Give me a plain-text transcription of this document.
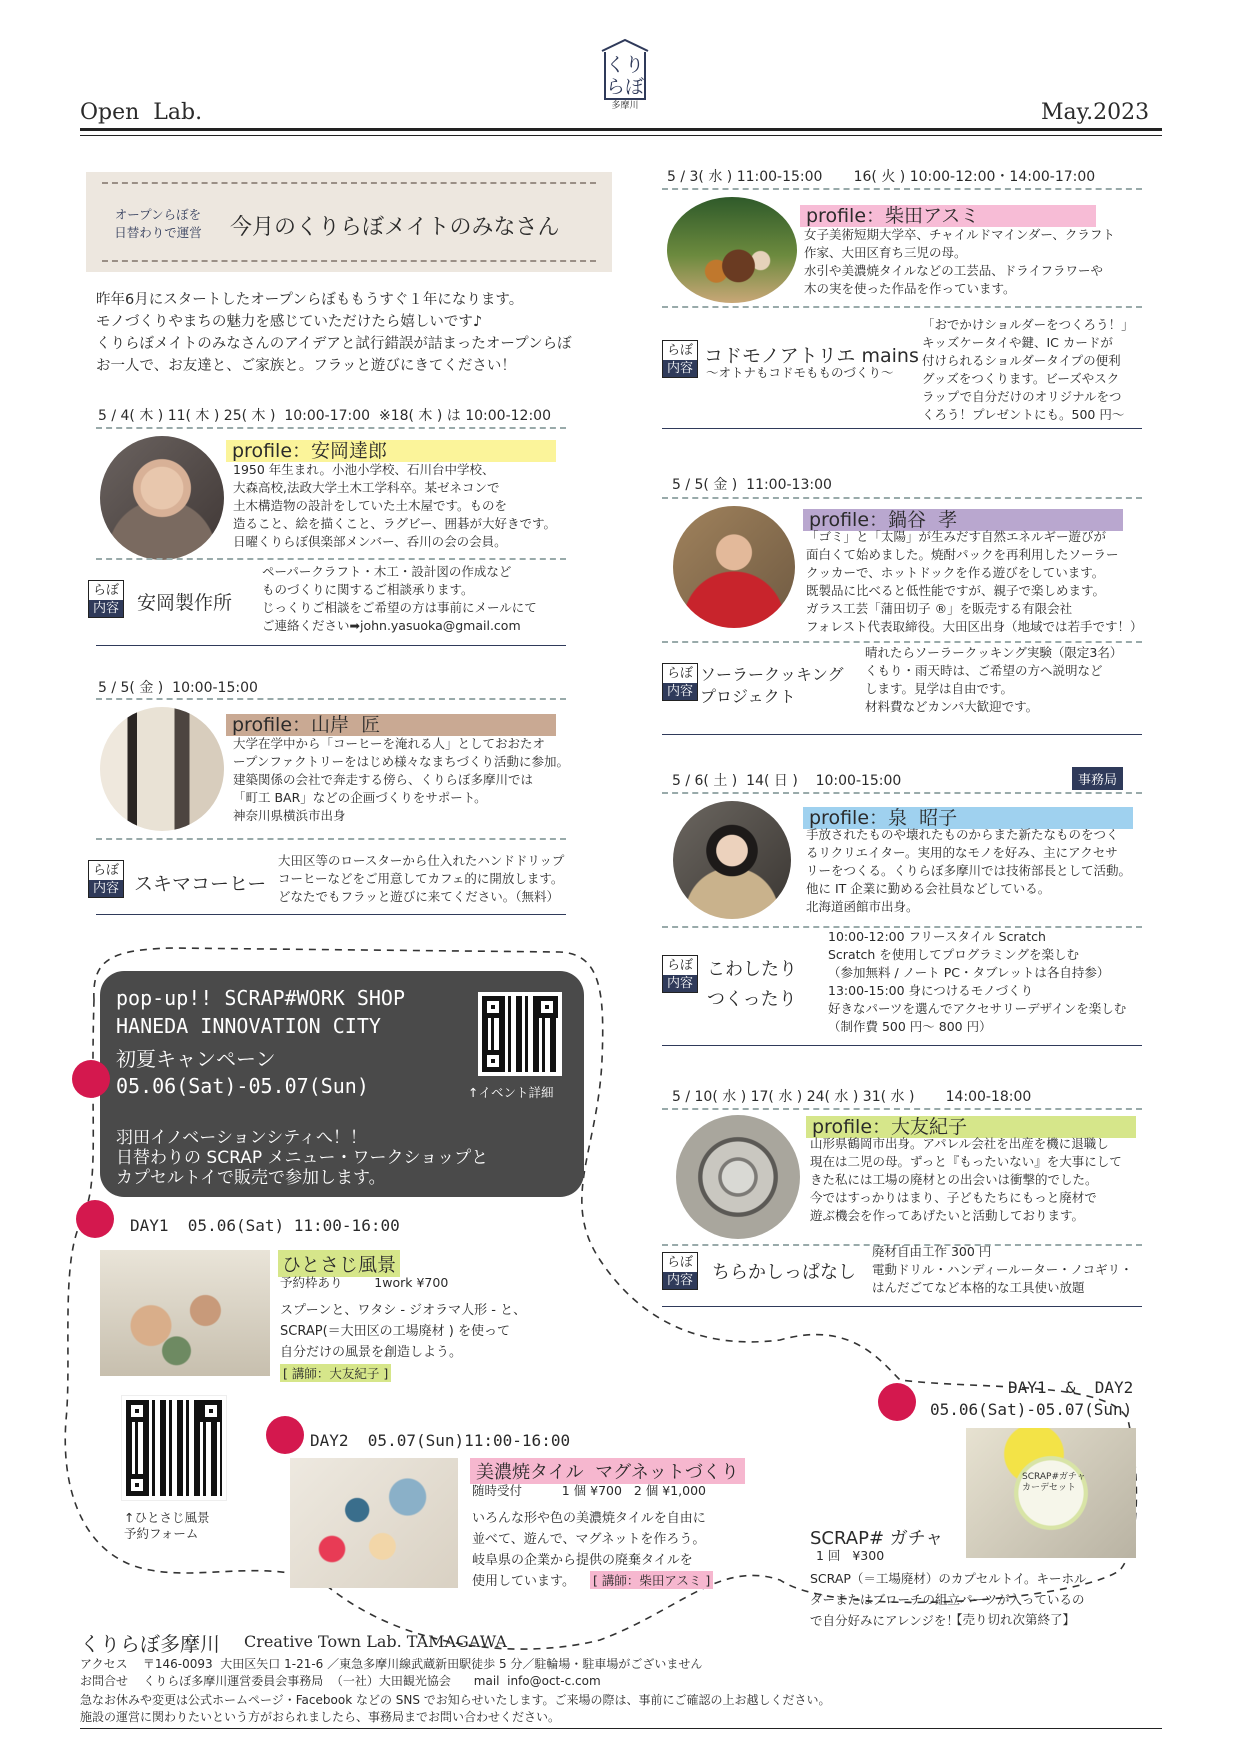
くり
らぼ
多摩川
Open  Lab.	May.2023
オープンらぼを
日替わりで運営 今月のくりらぼメイトのみなさん
昨年6月にスタートしたオープンらぼももうすぐ１年になります。
モノづくりやまちの魅力を感じていただけたら嬉しいです♪
くりらぼメイトのみなさんのアイデアと試行錯誤が詰まったオープンらぼ
お一人で、お友達と、ご家族と。フラッと遊びにきてください！
5 / 4( 木 ) 11( 木 ) 25( 木 )  10:00-17:00  ※18( 木 ) は 10:00-12:00
profile：安岡達郎
1950 年生まれ。小池小学校、石川台中学校、
大森高校,法政大学土木工学科卒。某ゼネコンで
土木構造物の設計をしていた土木屋です。ものを
造ること、絵を描くこと、ラグビー、囲碁が大好きです。
日曜くりらぼ倶楽部メンバー、呑川の会の会員。
らぼ
内容 安岡製作所
ペーパークラフト・木工・設計図の作成など
ものづくりに関するご相談承ります。
じっくりご相談をご希望の方は事前にメールにて
ご連絡ください➡john.yasuoka@gmail.com
5 / 5( 金 )  10:00-15:00
profile：山岸  匠
大学在学中から「コーヒーを淹れる人」としておおたオ
ープンファクトリーをはじめ様々なまちづくり活動に参加。
建築関係の会社で奔走する傍ら、くりらぼ多摩川では
「町工 BAR」などの企画づくりをサポート。
神奈川県横浜市出身
らぼ
内容 スキマコーヒー
大田区等のロースターから仕入れたハンドドリップ
コーヒーなどをご用意してカフェ的に開放します。
どなたでもフラッと遊びに来てください。（無料）
5 / 3( 水 ) 11:00-15:00       16( 火 ) 10:00-12:00・14:00-17:00
profile：柴田アスミ
女子美術短期大学卒、チャイルドマインダー、クラフト
作家、大田区育ち三児の母。
水引や美濃焼タイルなどの工芸品、ドライフラワーや
木の実を使った作品を作っています。
らぼ
内容
コドモノアトリエ mains
〜オトナもコドモもものづくり〜
「おでかけショルダーをつくろう！」
キッズケータイや鍵、IC カードが
付けられるショルダータイプの便利
グッズをつくります。ビーズやスク
ラップで自分だけのオリジナルをつ
くろう！プレゼントにも。500 円〜
5 / 5( 金 )  11:00-13:00
profile：鍋谷  孝
「ゴミ」と「太陽」が生みだす自然エネルギー遊びが
面白くて始めました。焼酎パックを再利用したソーラー
クッカーで、ホットドックを作る遊びをしています。
既製品に比べると低性能ですが、親子で楽しめます。
ガラス工芸「蒲田切子 ®」を販売する有限会社
フォレスト代表取締役。大田区出身（地域では若手です！）
らぼ
内容
ソーラークッキング
プロジェクト
晴れたらソーラークッキング実験（限定3名）
くもり・雨天時は、ご希望の方へ説明など
します。見学は自由です。
材料費などカンパ大歓迎です。
5 / 6( 土 )  14( 日 )    10:00-15:00	事務局
profile：泉  昭子
手放されたものや壊れたものからまた新たなものをつく
るリクリエイター。実用的なモノを好み、主にアクセサ
リーをつくる。くりらぼ多摩川では技術部長として活動。
他に IT 企業に勤める会社員などしている。
北海道函館市出身。
らぼ
内容
こわしたり
つくったり
10:00-12:00 フリースタイル Scratch
Scratch を使用してプログラミングを楽しむ
（参加無料 / ノート PC・タブレットは各自持参）
13:00-15:00 身につけるモノづくり
好きなパーツを選んでアクセサリーデザインを楽しむ
（制作費 500 円〜 800 円）
5 / 10( 水 ) 17( 水 ) 24( 水 ) 31( 水 )       14:00-18:00
profile：大友紀子
山形県鶴岡市出身。アパレル会社を出産を機に退職し
現在は二児の母。ずっと『もったいない』を大事にして
きた私には工場の廃材との出会いは衝撃的でした。
今ではすっかりはまり、子どもたちにもっと廃材で
遊ぶ機会を作ってあげたいと活動しております。
らぼ
内容 ちらかしっぱなし
廃材自由工作 300 円
電動ドリル・ハンディールーター・ノコギリ・
はんだごてなど本格的な工具使い放題
pop-up!! SCRAP#WORK SHOP
HANEDA INNOVATION CITY
初夏キャンペーン
05.06(Sat)-05.07(Sun)	↑イベント詳細
羽田イノベーションシティへ！！
日替わりの SCRAP メニュー・ワークショップと
カプセルトイで販売で参加します。
DAY1  05.06(Sat) 11:00-16:00
ひとさじ風景
予約枠あり        1work ¥700
スプーンと、ワタシ - ジオラマ人形 - と、
SCRAP(＝大田区の工場廃材 ) を使って
自分だけの風景を創造しよう。
[ 講師：大友紀子 ]
↑ひとさじ風景
予約フォーム
DAY2  05.07(Sun)11:00-16:00
美濃焼タイル  マグネットづくり
随時受付          1 個 ¥700   2 個 ¥1,000
いろんな形や色の美濃焼タイルを自由に
並べて、遊んで、マグネットを作ろう。
岐阜県の企業から提供の廃棄タイルを
使用しています。	[ 講師：柴田アスミ ]
DAY1  &  DAY2
05.06(Sat)-05.07(Sun)
SCRAP#ガチャ
カーデセット
SCRAP# ガチャ
1 回   ¥300
SCRAP（＝工場廃材）のカプセルトイ。キーホル
ダーまたはブローチの組立パーツが入っているの
で自分好みにアレンジを！
【売り切れ次第終了】
くりらぼ多摩川 Creative Town Lab. TAMAGAWA
アクセス    〒146-0093  大田区矢口 1-21-6 ／東急多摩川線武蔵新田駅徒歩 5 分／駐輪場・駐車場がございません
お問合せ    くりらぼ多摩川運営委員会事務局  （一社）大田観光協会      mail  info@oct-c.com
急なお休みや変更は公式ホームページ・Facebook などの SNS でお知らせいたします。ご来場の際は、事前にご確認の上お越しください。
施設の運営に関わりたいという方がおられましたら、事務局までお問い合わせください。
